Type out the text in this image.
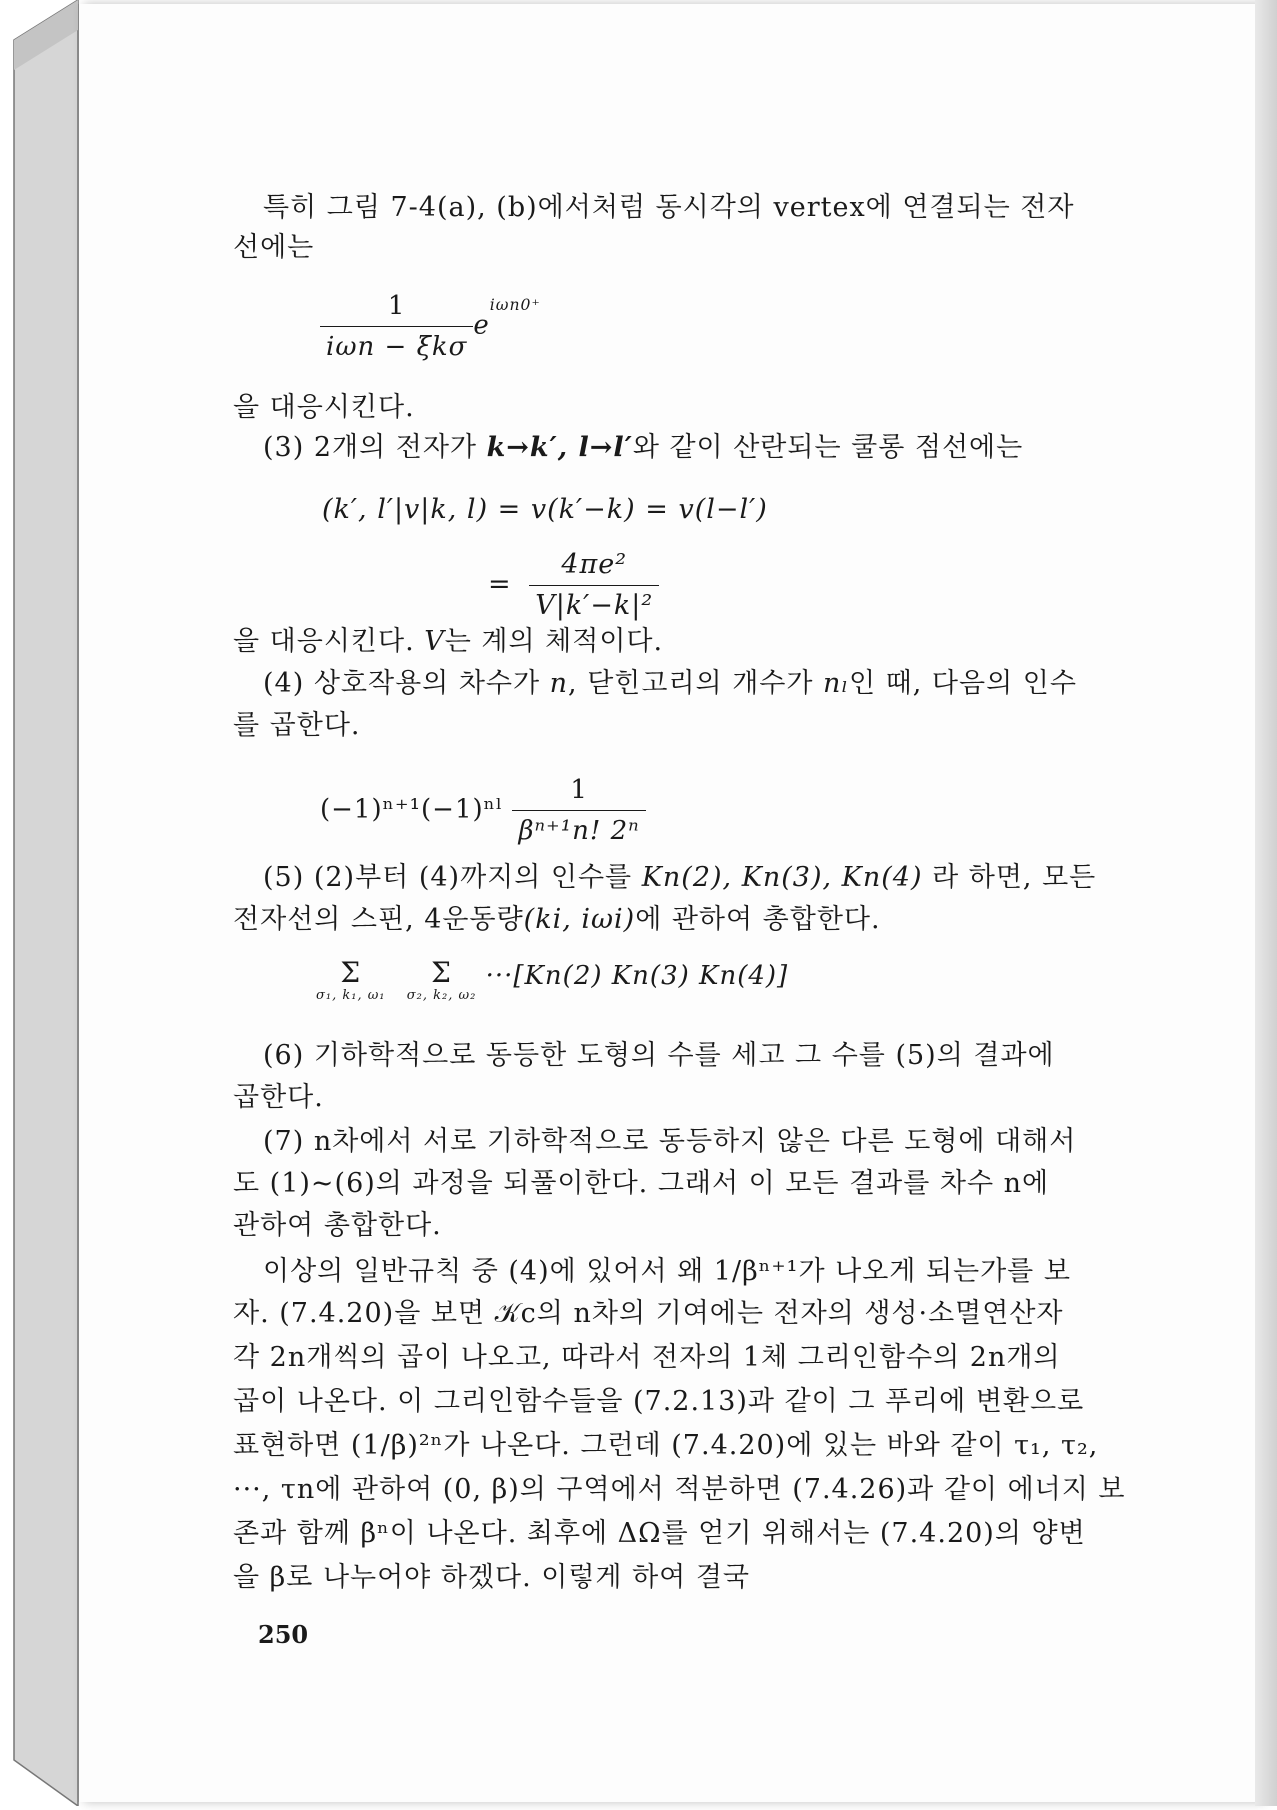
특히 그림 7-4(a), (b)에서처럼 동시각의 vertex에 연결되는 전자
선에는
$\frac{1}{\text{iωn − ξkσ}} e^{i\omega n0^+}$
을 대응시킨다.
(3) 2개의 전자가 k→k′, l→l′와 같이 산란되는 쿨롱 점선에는
(k′, l′|v|k, l) = v(k′−k) = v(l−l′)
= $\frac{\text{4πe²}}{\text{V|k′−k|²}}$
을 대응시킨다. V는 계의 체적이다.
(4) 상호작용의 차수가 n, 닫힌고리의 개수가 nₗ인 때, 다음의 인수
를 곱한다.
(−1)ⁿ⁺¹(−1)ⁿˡ $\frac{1}{\text{βⁿ⁺¹n! 2ⁿ}}$
(5) (2)부터 (4)까지의 인수를 Kn(2), Kn(3), Kn(4) 라 하면, 모든
전자선의 스핀, 4운동량(ki, iωi)에 관하여 총합한다.
Σ
σ₁, k₁, ω₁

Σ
σ₂, k₂, ω₂
···[Kn(2) Kn(3) Kn(4)]
(6) 기하학적으로 동등한 도형의 수를 세고 그 수를 (5)의 결과에
곱한다.
(7) n차에서 서로 기하학적으로 동등하지 않은 다른 도형에 대해서
도 (1)~(6)의 과정을 되풀이한다. 그래서 이 모든 결과를 차수 n에
관하여 총합한다.
이상의 일반규칙 중 (4)에 있어서 왜 1/βⁿ⁺¹가 나오게 되는가를 보
자. (7.4.20)을 보면 𝒦c의 n차의 기여에는 전자의 생성·소멸연산자
각 2n개씩의 곱이 나오고, 따라서 전자의 1체 그리인함수의 2n개의
곱이 나온다. 이 그리인함수들을 (7.2.13)과 같이 그 푸리에 변환으로
표현하면 (1/β)²ⁿ가 나온다. 그런데 (7.4.20)에 있는 바와 같이 τ₁, τ₂,
···, τn에 관하여 (0, β)의 구역에서 적분하면 (7.4.26)과 같이 에너지 보
존과 함께 βⁿ이 나온다. 최후에 ΔΩ를 얻기 위해서는 (7.4.20)의 양변
을 β로 나누어야 하겠다. 이렇게 하여 결국
250
